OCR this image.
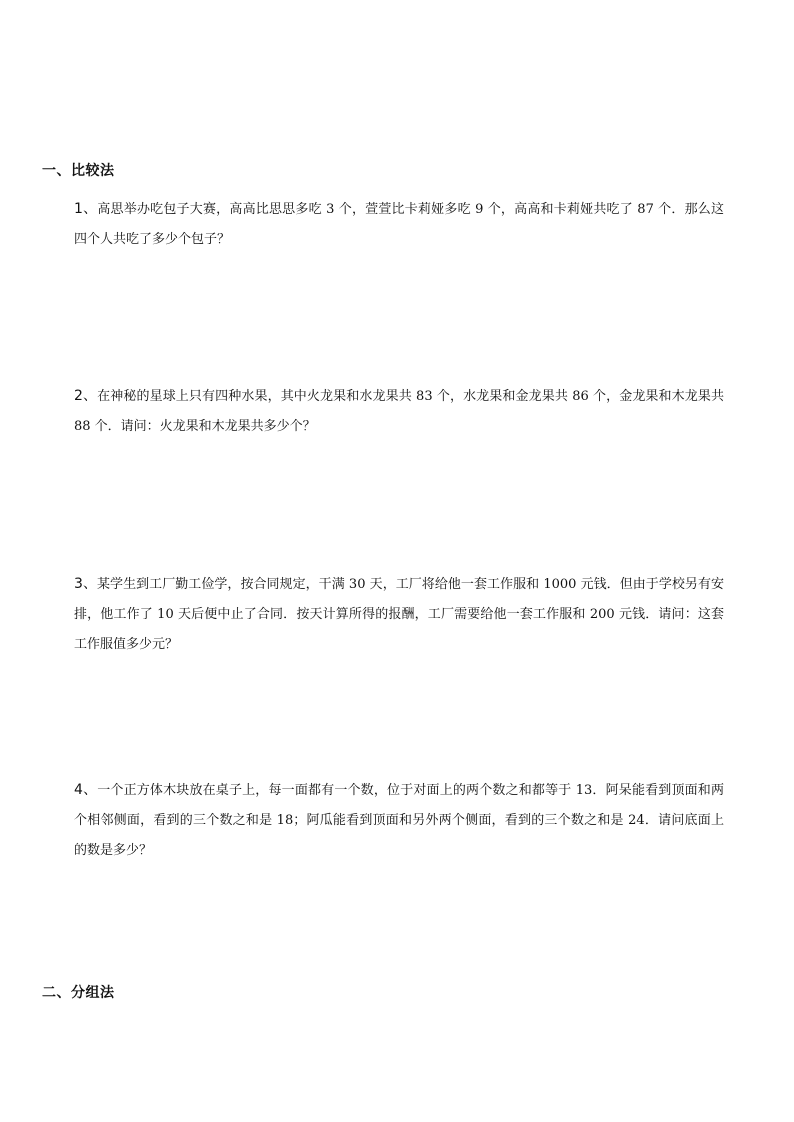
一、比较法

1、高思举办吃包子大赛，高高比思思多吃 3 个，萱萱比卡莉娅多吃 9 个，高高和卡莉娅共吃了 87 个．那么这四个人共吃了多少个包子？

2、在神秘的星球上只有四种水果，其中火龙果和水龙果共 83 个，水龙果和金龙果共 86 个，金龙果和木龙果共 88 个．请问：火龙果和木龙果共多少个？

3、某学生到工厂勤工俭学，按合同规定，干满 30 天，工厂将给他一套工作服和 1000 元钱．但由于学校另有安排，他工作了 10 天后便中止了合同．按天计算所得的报酬，工厂需要给他一套工作服和 200 元钱．请问：这套工作服值多少元？

4、一个正方体木块放在桌子上，每一面都有一个数，位于对面上的两个数之和都等于 13．阿呆能看到顶面和两个相邻侧面，看到的三个数之和是 18；阿瓜能看到顶面和另外两个侧面，看到的三个数之和是 24．请问底面上的数是多少？

二、分组法
